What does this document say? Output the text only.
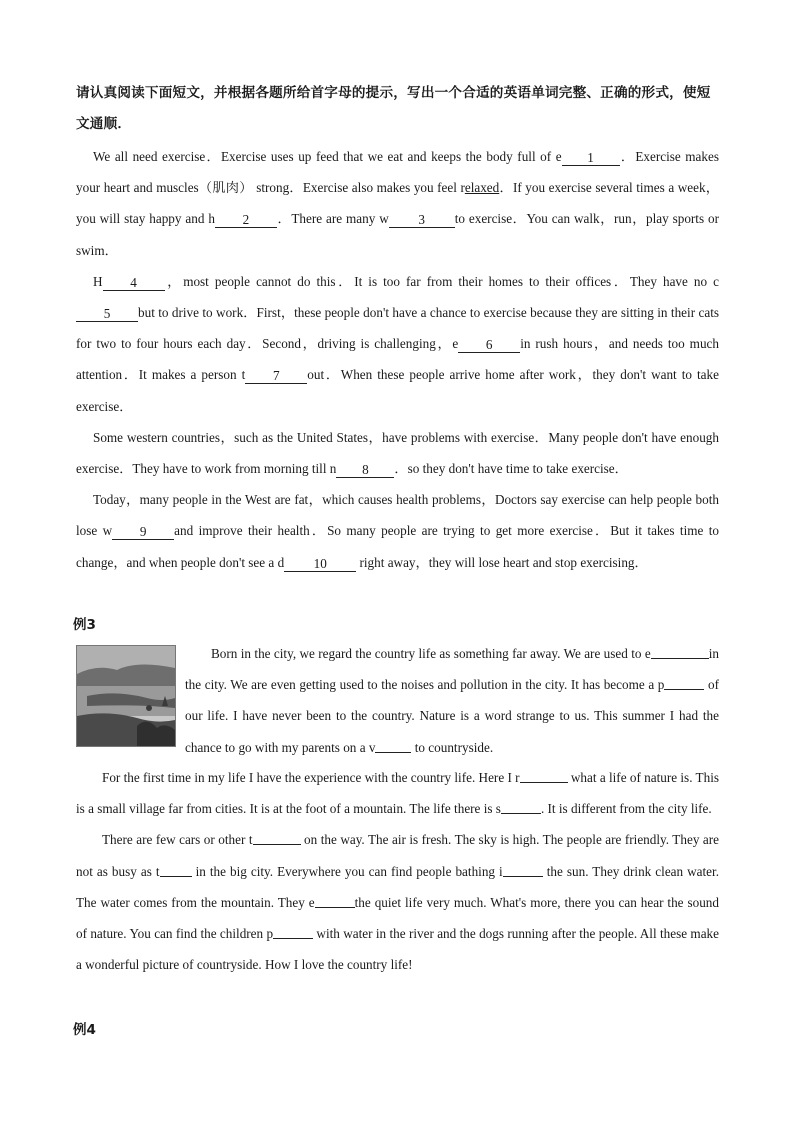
请认真阅读下面短文，并根据各题所给首字母的提示，写出一个合适的英语单词完整、正确的形式，使短文通顺．

We all need exercise．Exercise uses up feed that we eat and keeps the body full of e 1 ．Exercise makes your heart and muscles（肌肉） strong．Exercise also makes you feel relaxed．If you exercise several times a week，you will stay happy and h 2 ．There are many w 3 to exercise．You can walk，run，play sports or swim．

H 4 ，most people cannot do this．It is too far from their homes to their offices．They have no c5 but to drive to work．First，these people don't have a chance to exercise because they are sitting in their cats for two to four hours each day．Second，driving is challenging，e 6 in rush hours，and needs too much attention．It makes a person t 7 out．When these people arrive home after work，they don't want to take exercise．

Some western countries，such as the United States，have problems with exercise．Many people don't have enough exercise．They have to work from morning till n 8 ．so they don't have time to take exercise．

Today，many people in the West are fat，which causes health problems，Doctors say exercise can help people both lose w 9 and improve their health．So many people are trying to get more exercise．But it takes time to change，and when people don't see a d 10 right away，they will lose heart and stop exercising．

例3

Born in the city, we regard the country life as something far away. We are used to e	in the city. We are even getting used to the noises and pollution in the city. It has become a p	of our life. I have never been to the country. Nature is a word strange to us. This summer I had the chance to go with my parents on a v	to countryside.

For the first time in my life I have the experience with the country life. Here I r	what a life of nature is. This is a small village far from cities. It is at the foot of a mountain. The life there is s	. It is different from the city life.

There are few cars or other t	on the way. The air is fresh. The sky is high. The people are friendly. They are not as busy as t in the big city. Everywhere you can find people bathing i	the sun. They drink clean water. The water comes from the mountain. They e	the quiet life very much. What's more, there you can hear the sound of nature. You can find the children p	with water in the river and the dogs running after the people. All these make a wonderful picture of countryside. How I love the country life!

例4
